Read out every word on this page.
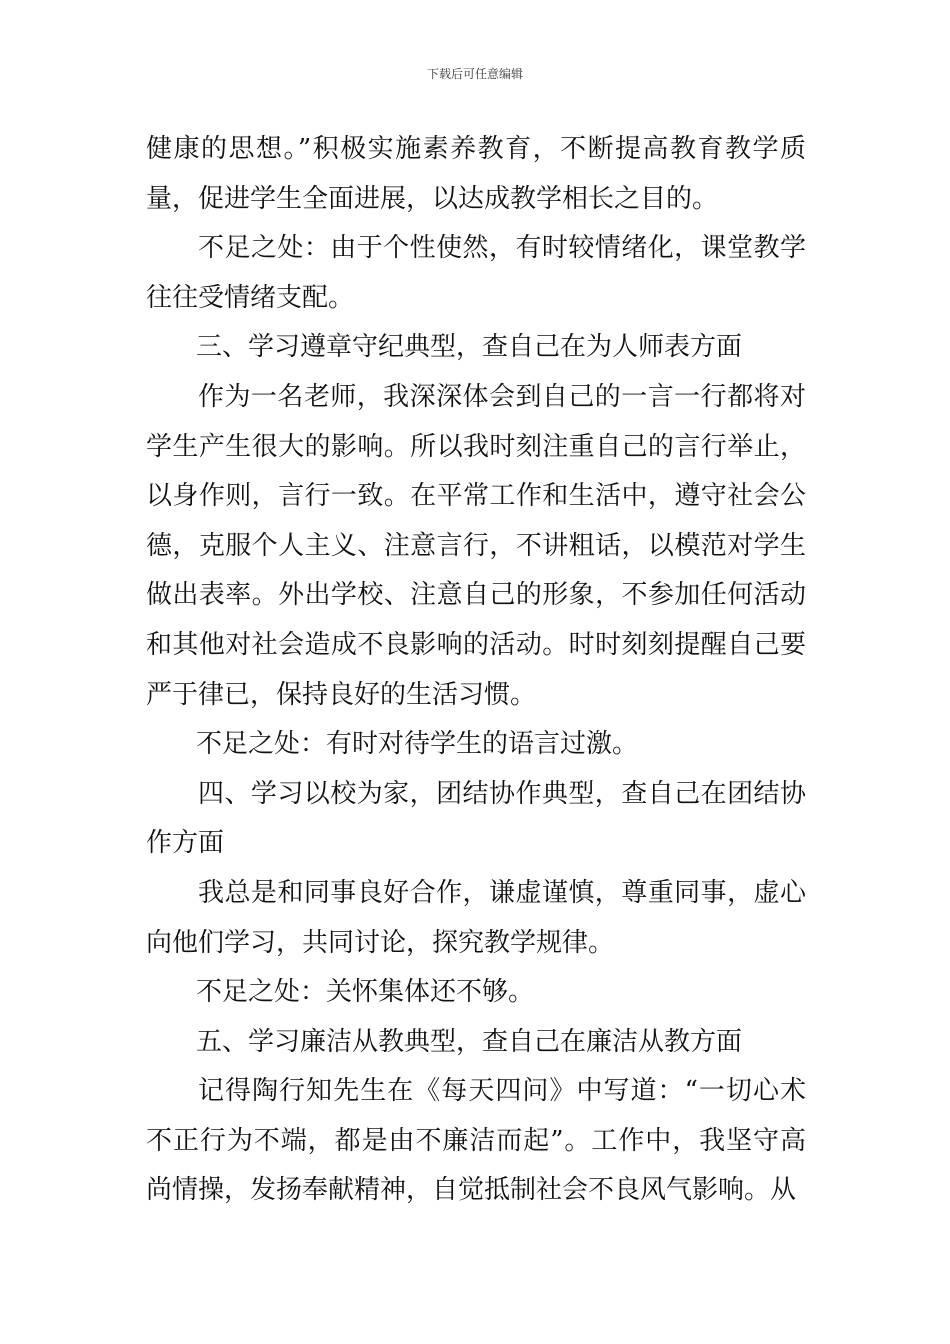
下载后可任意编辑

健康的思想。”积极实施素养教育，不断提高教育教学质量，促进学生全面进展，以达成教学相长之目的。

不足之处：由于个性使然，有时较情绪化，课堂教学往往受情绪支配。

三、学习遵章守纪典型，查自己在为人师表方面

作为一名老师，我深深体会到自己的一言一行都将对学生产生很大的影响。所以我时刻注重自己的言行举止，以身作则，言行一致。在平常工作和生活中，遵守社会公德，克服个人主义、注意言行，不讲粗话，以模范对学生做出表率。外出学校、注意自己的形象，不参加任何活动和其他对社会造成不良影响的活动。时时刻刻提醒自己要严于律已，保持良好的生活习惯。

不足之处：有时对待学生的语言过激。

四、学习以校为家，团结协作典型，查自己在团结协作方面

我总是和同事良好合作，谦虚谨慎，尊重同事，虚心向他们学习，共同讨论，探究教学规律。

不足之处：关怀集体还不够。

五、学习廉洁从教典型，查自己在廉洁从教方面

记得陶行知先生在《每天四问》中写道：“一切心术不正行为不端，都是由不廉洁而起”。工作中，我坚守高尚情操，发扬奉献精神，自觉抵制社会不良风气影响。从
